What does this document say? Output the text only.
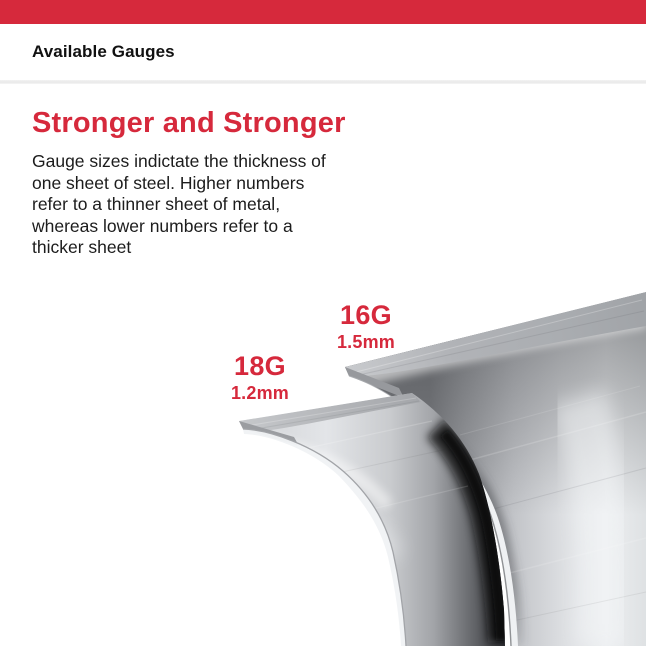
Available Gauges
Stronger and Stronger
Gauge sizes indictate the thickness of
one sheet of steel. Higher numbers
refer to a thinner sheet of metal,
whereas lower numbers refer to a
thicker sheet
16G
1.5mm
18G
1.2mm
